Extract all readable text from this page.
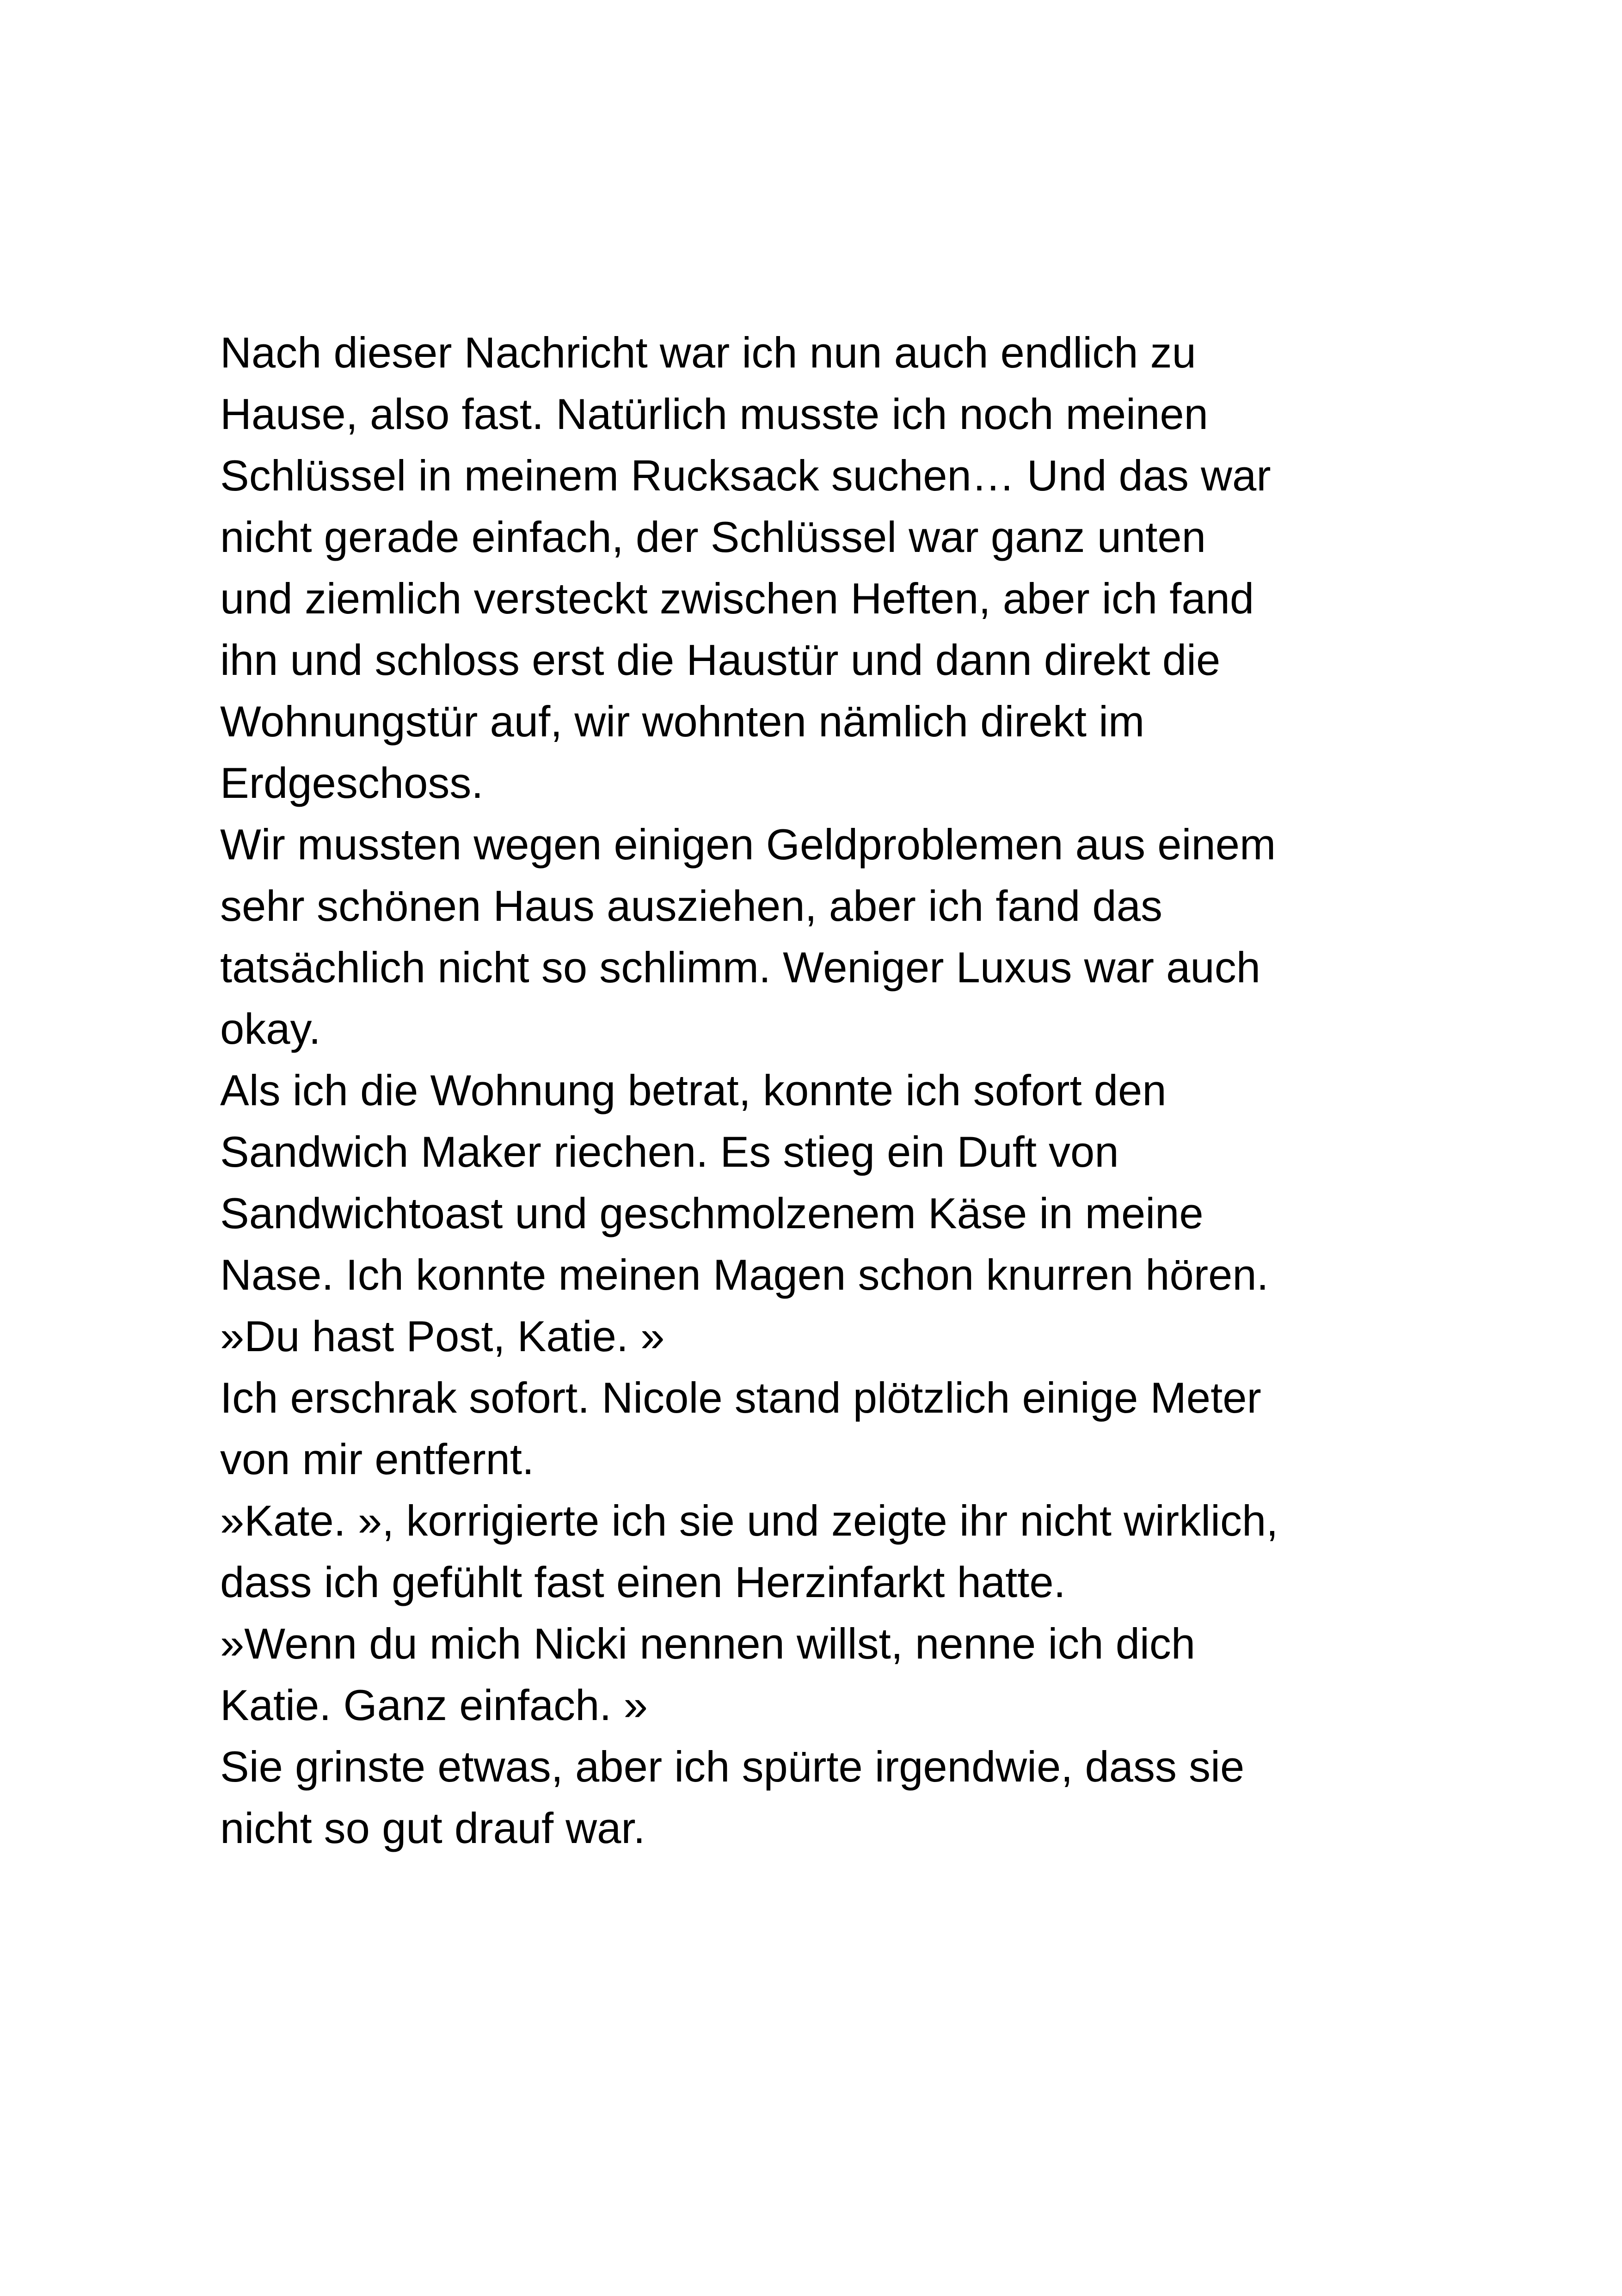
Nach dieser Nachricht war ich nun auch endlich zu
Hause, also fast. Natürlich musste ich noch meinen
Schlüssel in meinem Rucksack suchen… Und das war
nicht gerade einfach, der Schlüssel war ganz unten
und ziemlich versteckt zwischen Heften, aber ich fand
ihn und schloss erst die Haustür und dann direkt die
Wohnungstür auf, wir wohnten nämlich direkt im
Erdgeschoss.
Wir mussten wegen einigen Geldproblemen aus einem
sehr schönen Haus ausziehen, aber ich fand das
tatsächlich nicht so schlimm. Weniger Luxus war auch
okay.
Als ich die Wohnung betrat, konnte ich sofort den
Sandwich Maker riechen. Es stieg ein Duft von
Sandwichtoast und geschmolzenem Käse in meine
Nase. Ich konnte meinen Magen schon knurren hören.
»Du hast Post, Katie. »
Ich erschrak sofort. Nicole stand plötzlich einige Meter
von mir entfernt.
»Kate. », korrigierte ich sie und zeigte ihr nicht wirklich,
dass ich gefühlt fast einen Herzinfarkt hatte.
»Wenn du mich Nicki nennen willst, nenne ich dich
Katie. Ganz einfach. »
Sie grinste etwas, aber ich spürte irgendwie, dass sie
nicht so gut drauf war.
